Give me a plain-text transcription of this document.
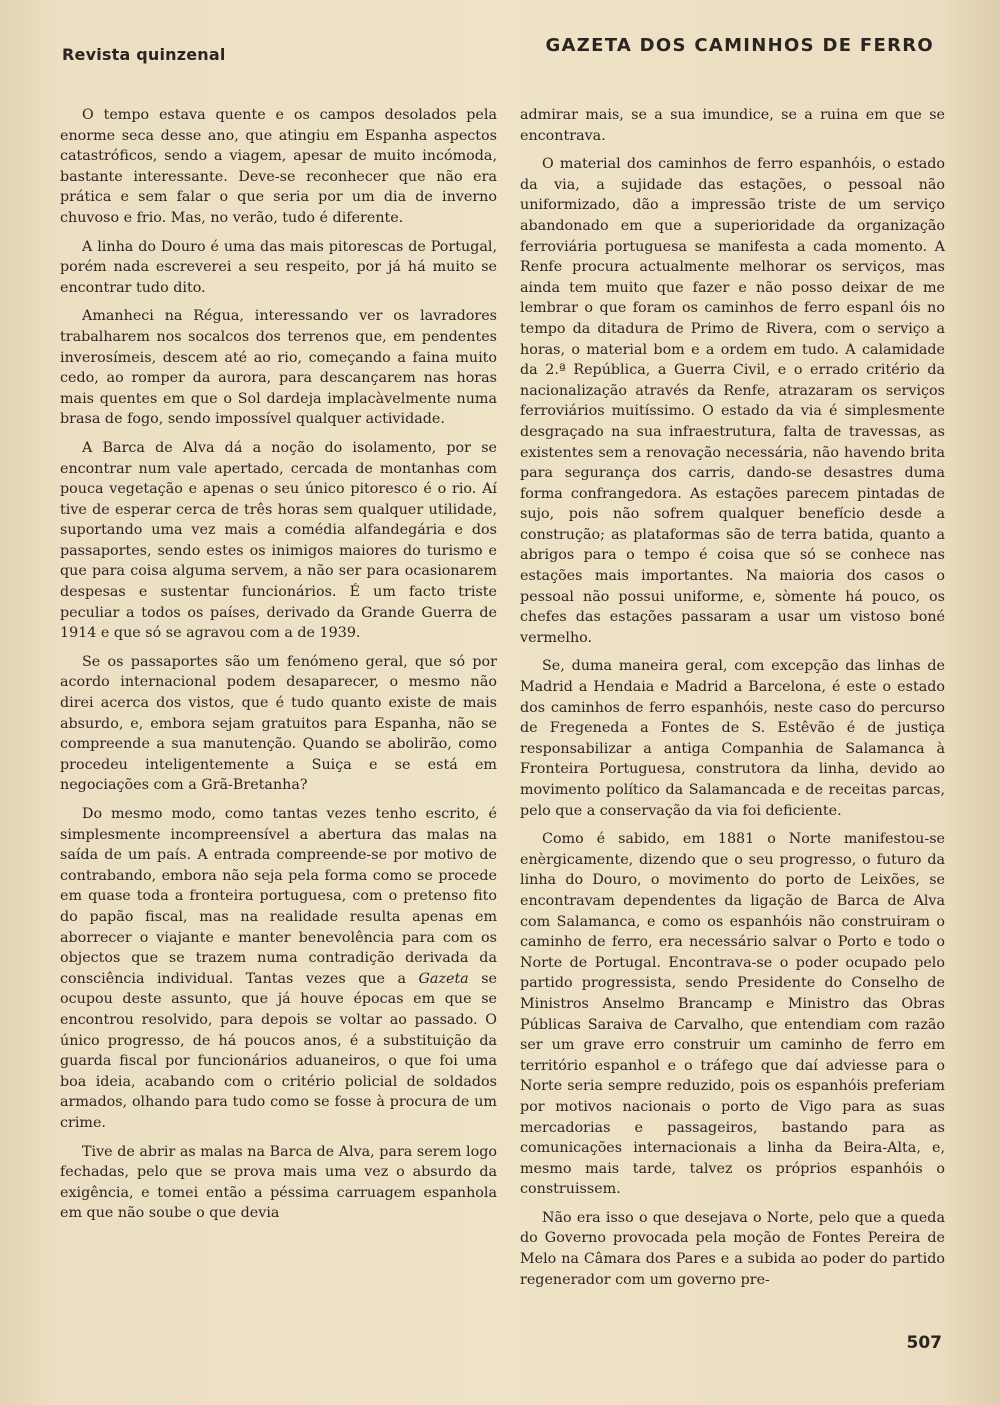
Revista quinzenal	GAZETA DOS CAMINHOS DE FERRO

O tempo estava quente e os campos desolados pela enorme seca desse ano, que atingiu em Espanha aspectos catastróficos, sendo a viagem, apesar de muito incómoda, bastante interessante. Deve-se reconhecer que não era prática e sem falar o que seria por um dia de inverno chuvoso e frio. Mas, no verão, tudo é diferente.

A linha do Douro é uma das mais pitorescas de Portugal, porém nada escreverei a seu respeito, por já há muito se encontrar tudo dito.

Amanheci na Régua, interessando ver os lavradores trabalharem nos socalcos dos terrenos que, em pendentes inverosímeis, descem até ao rio, começando a faina muito cedo, ao romper da aurora, para descançarem nas horas mais quentes em que o Sol dardeja implacàvelmente numa brasa de fogo, sendo impossível qualquer actividade.

A Barca de Alva dá a noção do isolamento, por se encontrar num vale apertado, cercada de montanhas com pouca vegetação e apenas o seu único pitoresco é o rio. Aí tive de esperar cerca de três horas sem qualquer utilidade, suportando uma vez mais a comédia alfandegária e dos passaportes, sendo estes os inimigos maiores do turismo e que para coisa alguma servem, a não ser para ocasionarem despesas e sustentar funcionários. É um facto triste peculiar a todos os países, derivado da Grande Guerra de 1914 e que só se agravou com a de 1939.

Se os passaportes são um fenómeno geral, que só por acordo internacional podem desaparecer, o mesmo não direi acerca dos vistos, que é tudo quanto existe de mais absurdo, e, embora sejam gratuitos para Espanha, não se compreende a sua manutenção. Quando se abolirão, como procedeu inteligentemente a Suiça e se está em negociações com a Grã-Bretanha?

Do mesmo modo, como tantas vezes tenho escrito, é simplesmente incompreensível a abertura das malas na saída de um país. A entrada compreende-se por motivo de contrabando, embora não seja pela forma como se procede em quase toda a fronteira portuguesa, com o pretenso fito do papão fiscal, mas na realidade resulta apenas em aborrecer o viajante e manter benevolência para com os objectos que se trazem numa contradição derivada da consciência individual. Tantas vezes que a Gazeta se ocupou deste assunto, que já houve épocas em que se encontrou resolvido, para depois se voltar ao passado. O único progresso, de há poucos anos, é a substituição da guarda fiscal por funcionários aduaneiros, o que foi uma boa ideia, acabando com o critério policial de soldados armados, olhando para tudo como se fosse à procura de um crime.

Tive de abrir as malas na Barca de Alva, para serem logo fechadas, pelo que se prova mais uma vez o absurdo da exigência, e tomei então a péssima carruagem espanhola em que não soube o que devia

admirar mais, se a sua imundice, se a ruina em que se encontrava.

O material dos caminhos de ferro espanhóis, o estado da via, a sujidade das estações, o pessoal não uniformizado, dão a impressão triste de um serviço abandonado em que a superioridade da organização ferroviária portuguesa se manifesta a cada momento. A Renfe procura actualmente melhorar os serviços, mas ainda tem muito que fazer e não posso deixar de me lembrar o que foram os caminhos de ferro espanl óis no tempo da ditadura de Primo de Rivera, com o serviço a horas, o material bom e a ordem em tudo. A calamidade da 2.ª República, a Guerra Civil, e o errado critério da nacionalização através da Renfe, atrazaram os serviços ferroviários muitíssimo. O estado da via é simplesmente desgraçado na sua infraestrutura, falta de travessas, as existentes sem a renovação necessária, não havendo brita para segurança dos carris, dando-se desastres duma forma confrangedora. As estações parecem pintadas de sujo, pois não sofrem qualquer benefício desde a construção; as plataformas são de terra batida, quanto a abrigos para o tempo é coisa que só se conhece nas estações mais importantes. Na maioria dos casos o pessoal não possui uniforme, e, sòmente há pouco, os chefes das estações passaram a usar um vistoso boné vermelho.

Se, duma maneira geral, com excepção das linhas de Madrid a Hendaia e Madrid a Barcelona, é este o estado dos caminhos de ferro espanhóis, neste caso do percurso de Fregeneda a Fontes de S. Estêvão é de justiça responsabilizar a antiga Companhia de Salamanca à Fronteira Portuguesa, construtora da linha, devido ao movimento político da Salamancada e de receitas parcas, pelo que a conservação da via foi deficiente.

Como é sabido, em 1881 o Norte manifestou-se enèrgicamente, dizendo que o seu progresso, o futuro da linha do Douro, o movimento do porto de Leixões, se encontravam dependentes da ligação de Barca de Alva com Salamanca, e como os espanhóis não construiram o caminho de ferro, era necessário salvar o Porto e todo o Norte de Portugal. Encontrava-se o poder ocupado pelo partido progressista, sendo Presidente do Conselho de Ministros Anselmo Brancamp e Ministro das Obras Públicas Saraiva de Carvalho, que entendiam com razão ser um grave erro construir um caminho de ferro em território espanhol e o tráfego que daí adviesse para o Norte seria sempre reduzido, pois os espanhóis preferiam por motivos nacionais o porto de Vigo para as suas mercadorias e passageiros, bastando para as comunicações internacionais a linha da Beira-Alta, e, mesmo mais tarde, talvez os próprios espanhóis o construissem.

Não era isso o que desejava o Norte, pelo que a queda do Governo provocada pela moção de Fontes Pereira de Melo na Câmara dos Pares e a subida ao poder do partido regenerador com um governo pre-

507
